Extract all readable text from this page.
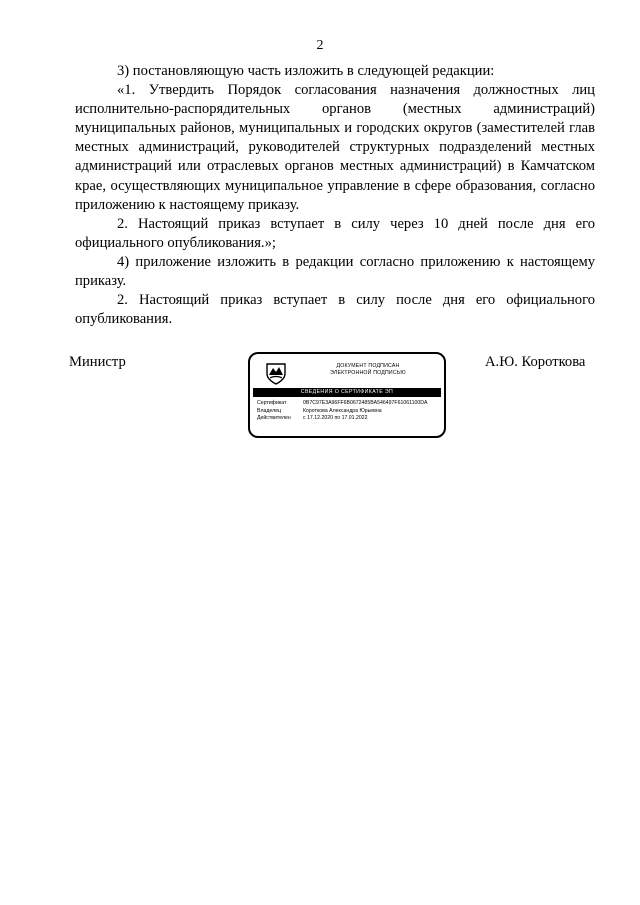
2

3) постановляющую часть изложить в следующей редакции:

«1. Утвердить Порядок согласования назначения должностных лиц исполнительно-распорядительных органов (местных администраций) муниципальных районов, муниципальных и городских округов (заместителей глав местных администраций, руководителей структурных подразделений местных администраций или отраслевых органов местных администраций) в Камчатском крае, осуществляющих муниципальное управление в сфере образования, согласно приложению к настоящему приказу.

2. Настоящий приказ вступает в силу через 10 дней после дня его официального опубликования.»;

4) приложение изложить в редакции согласно приложению к настоящему приказу.

2. Настоящий приказ вступает в силу после дня его официального опубликования.

Министр	А.Ю. Короткова
ДОКУМЕНТ ПОДПИСАН
ЭЛЕКТРОННОЙ ПОДПИСЬЮ
СВЕДЕНИЯ О СЕРТИФИКАТЕ ЭП
Сертификат	0B7C97E3A96FF6B0672485BA546497F61061100DA
Владелец	Короткова Александра Юрьевна
Действителен	с 17.12.2020 по 17.01.2022
